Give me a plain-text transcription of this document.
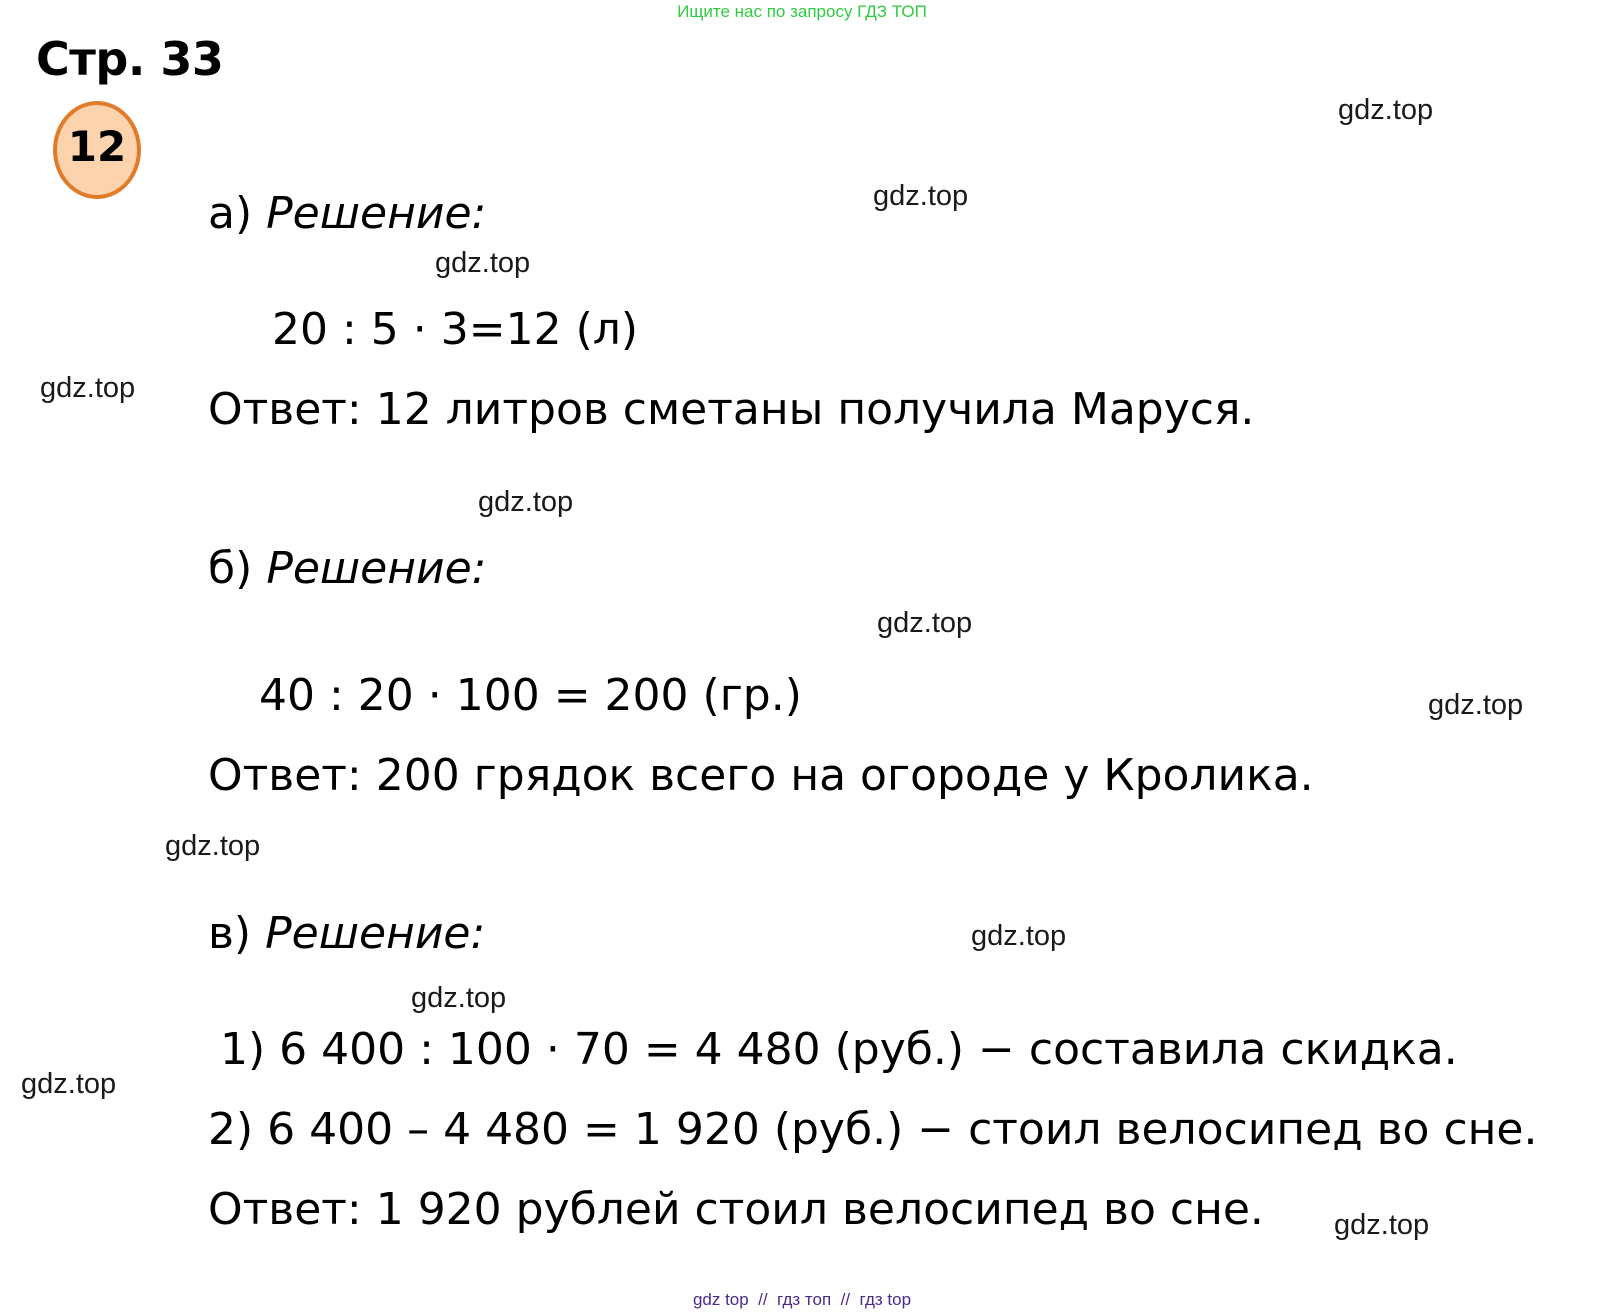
Ищите нас по запросу ГДЗ ТОП
Стр. 33
12
а) Решение:
20 : 5 · 3=12 (л)
Ответ: 12 литров сметаны получила Маруся.
б) Решение:
40 : 20 · 100 = 200 (гр.)
Ответ: 200 грядок всего на огороде у Кролика.
в) Решение:
1) 6 400 : 100 · 70 = 4 480 (руб.) − составила скидка.
2) 6 400 – 4 480 = 1 920 (руб.) − стоил велосипед во сне.
Ответ: 1 920 рублей стоил велосипед во сне.
gdz.top
gdz.top
gdz.top
gdz.top
gdz.top
gdz.top
gdz.top
gdz.top
gdz.top
gdz.top
gdz.top
gdz.top
gdz top  //  гдз топ  //  гдз top
